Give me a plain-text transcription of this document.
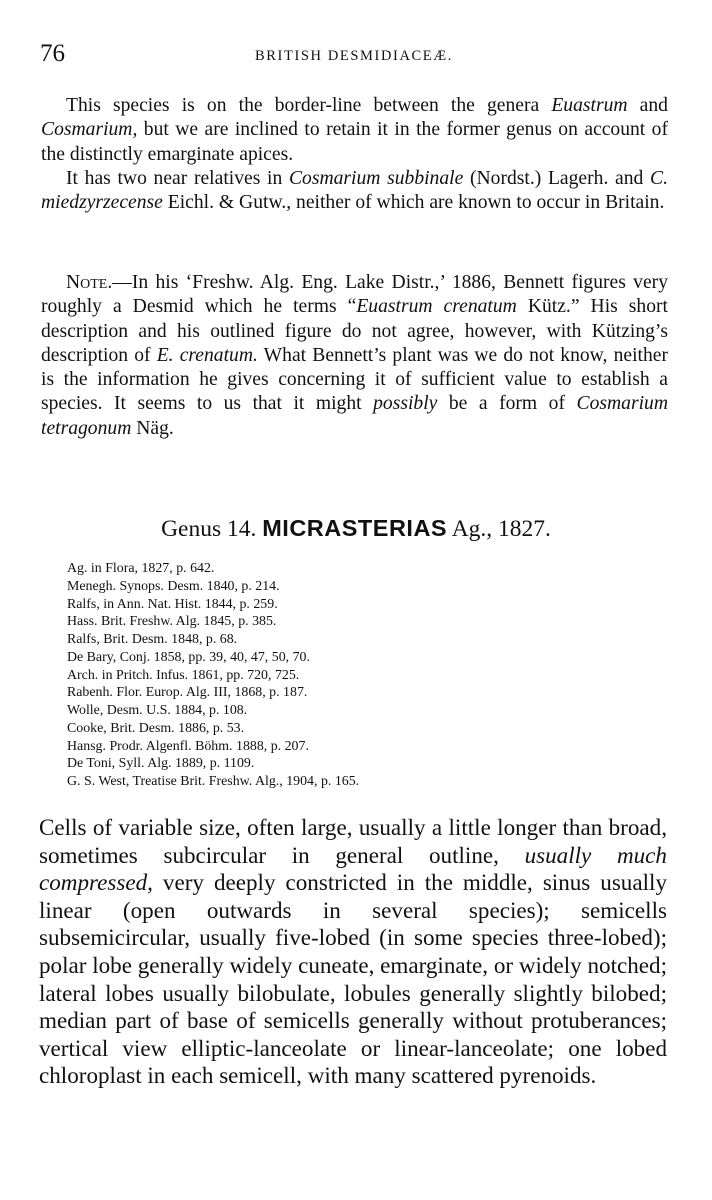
76	BRITISH DESMIDIACEÆ.

This species is on the border-line between the genera Euastrum and Cosmarium, but we are inclined to retain it in the former genus on account of the distinctly emarginate apices.

It has two near relatives in Cosmarium subbinale (Nordst.) Lagerh. and C. miedzyrzecense Eichl. & Gutw., neither of which are known to occur in Britain.

Note.—In his ‘Freshw. Alg. Eng. Lake Distr.,’ 1886, Bennett figures very roughly a Desmid which he terms “Euastrum crenatum Kütz.” His short description and his outlined figure do not agree, however, with Kützing’s description of E. crenatum. What Bennett’s plant was we do not know, neither is the information he gives concerning it of sufficient value to establish a species. It seems to us that it might possibly be a form of Cosmarium tetragonum Näg.

Genus 14. MICRASTERIAS Ag., 1827.
Ag. in Flora, 1827, p. 642.
Menegh. Synops. Desm. 1840, p. 214.
Ralfs, in Ann. Nat. Hist. 1844, p. 259.
Hass. Brit. Freshw. Alg. 1845, p. 385.
Ralfs, Brit. Desm. 1848, p. 68.
De Bary, Conj. 1858, pp. 39, 40, 47, 50, 70.
Arch. in Pritch. Infus. 1861, pp. 720, 725.
Rabenh. Flor. Europ. Alg. III, 1868, p. 187.
Wolle, Desm. U.S. 1884, p. 108.
Cooke, Brit. Desm. 1886, p. 53.
Hansg. Prodr. Algenfl. Böhm. 1888, p. 207.
De Toni, Syll. Alg. 1889, p. 1109.
G. S. West, Treatise Brit. Freshw. Alg., 1904, p. 165.

Cells of variable size, often large, usually a little longer than broad, sometimes subcircular in general outline, usually much compressed, very deeply constricted in the middle, sinus usually linear (open outwards in several species); semicells subsemicircular, usually five-lobed (in some species three-lobed); polar lobe generally widely cuneate, emarginate, or widely notched; lateral lobes usually bilobulate, lobules generally slightly bilobed; median part of base of semicells generally without protuberances; vertical view elliptic-lanceolate or linear-lanceolate; one lobed chloroplast in each semicell, with many scattered pyrenoids.
